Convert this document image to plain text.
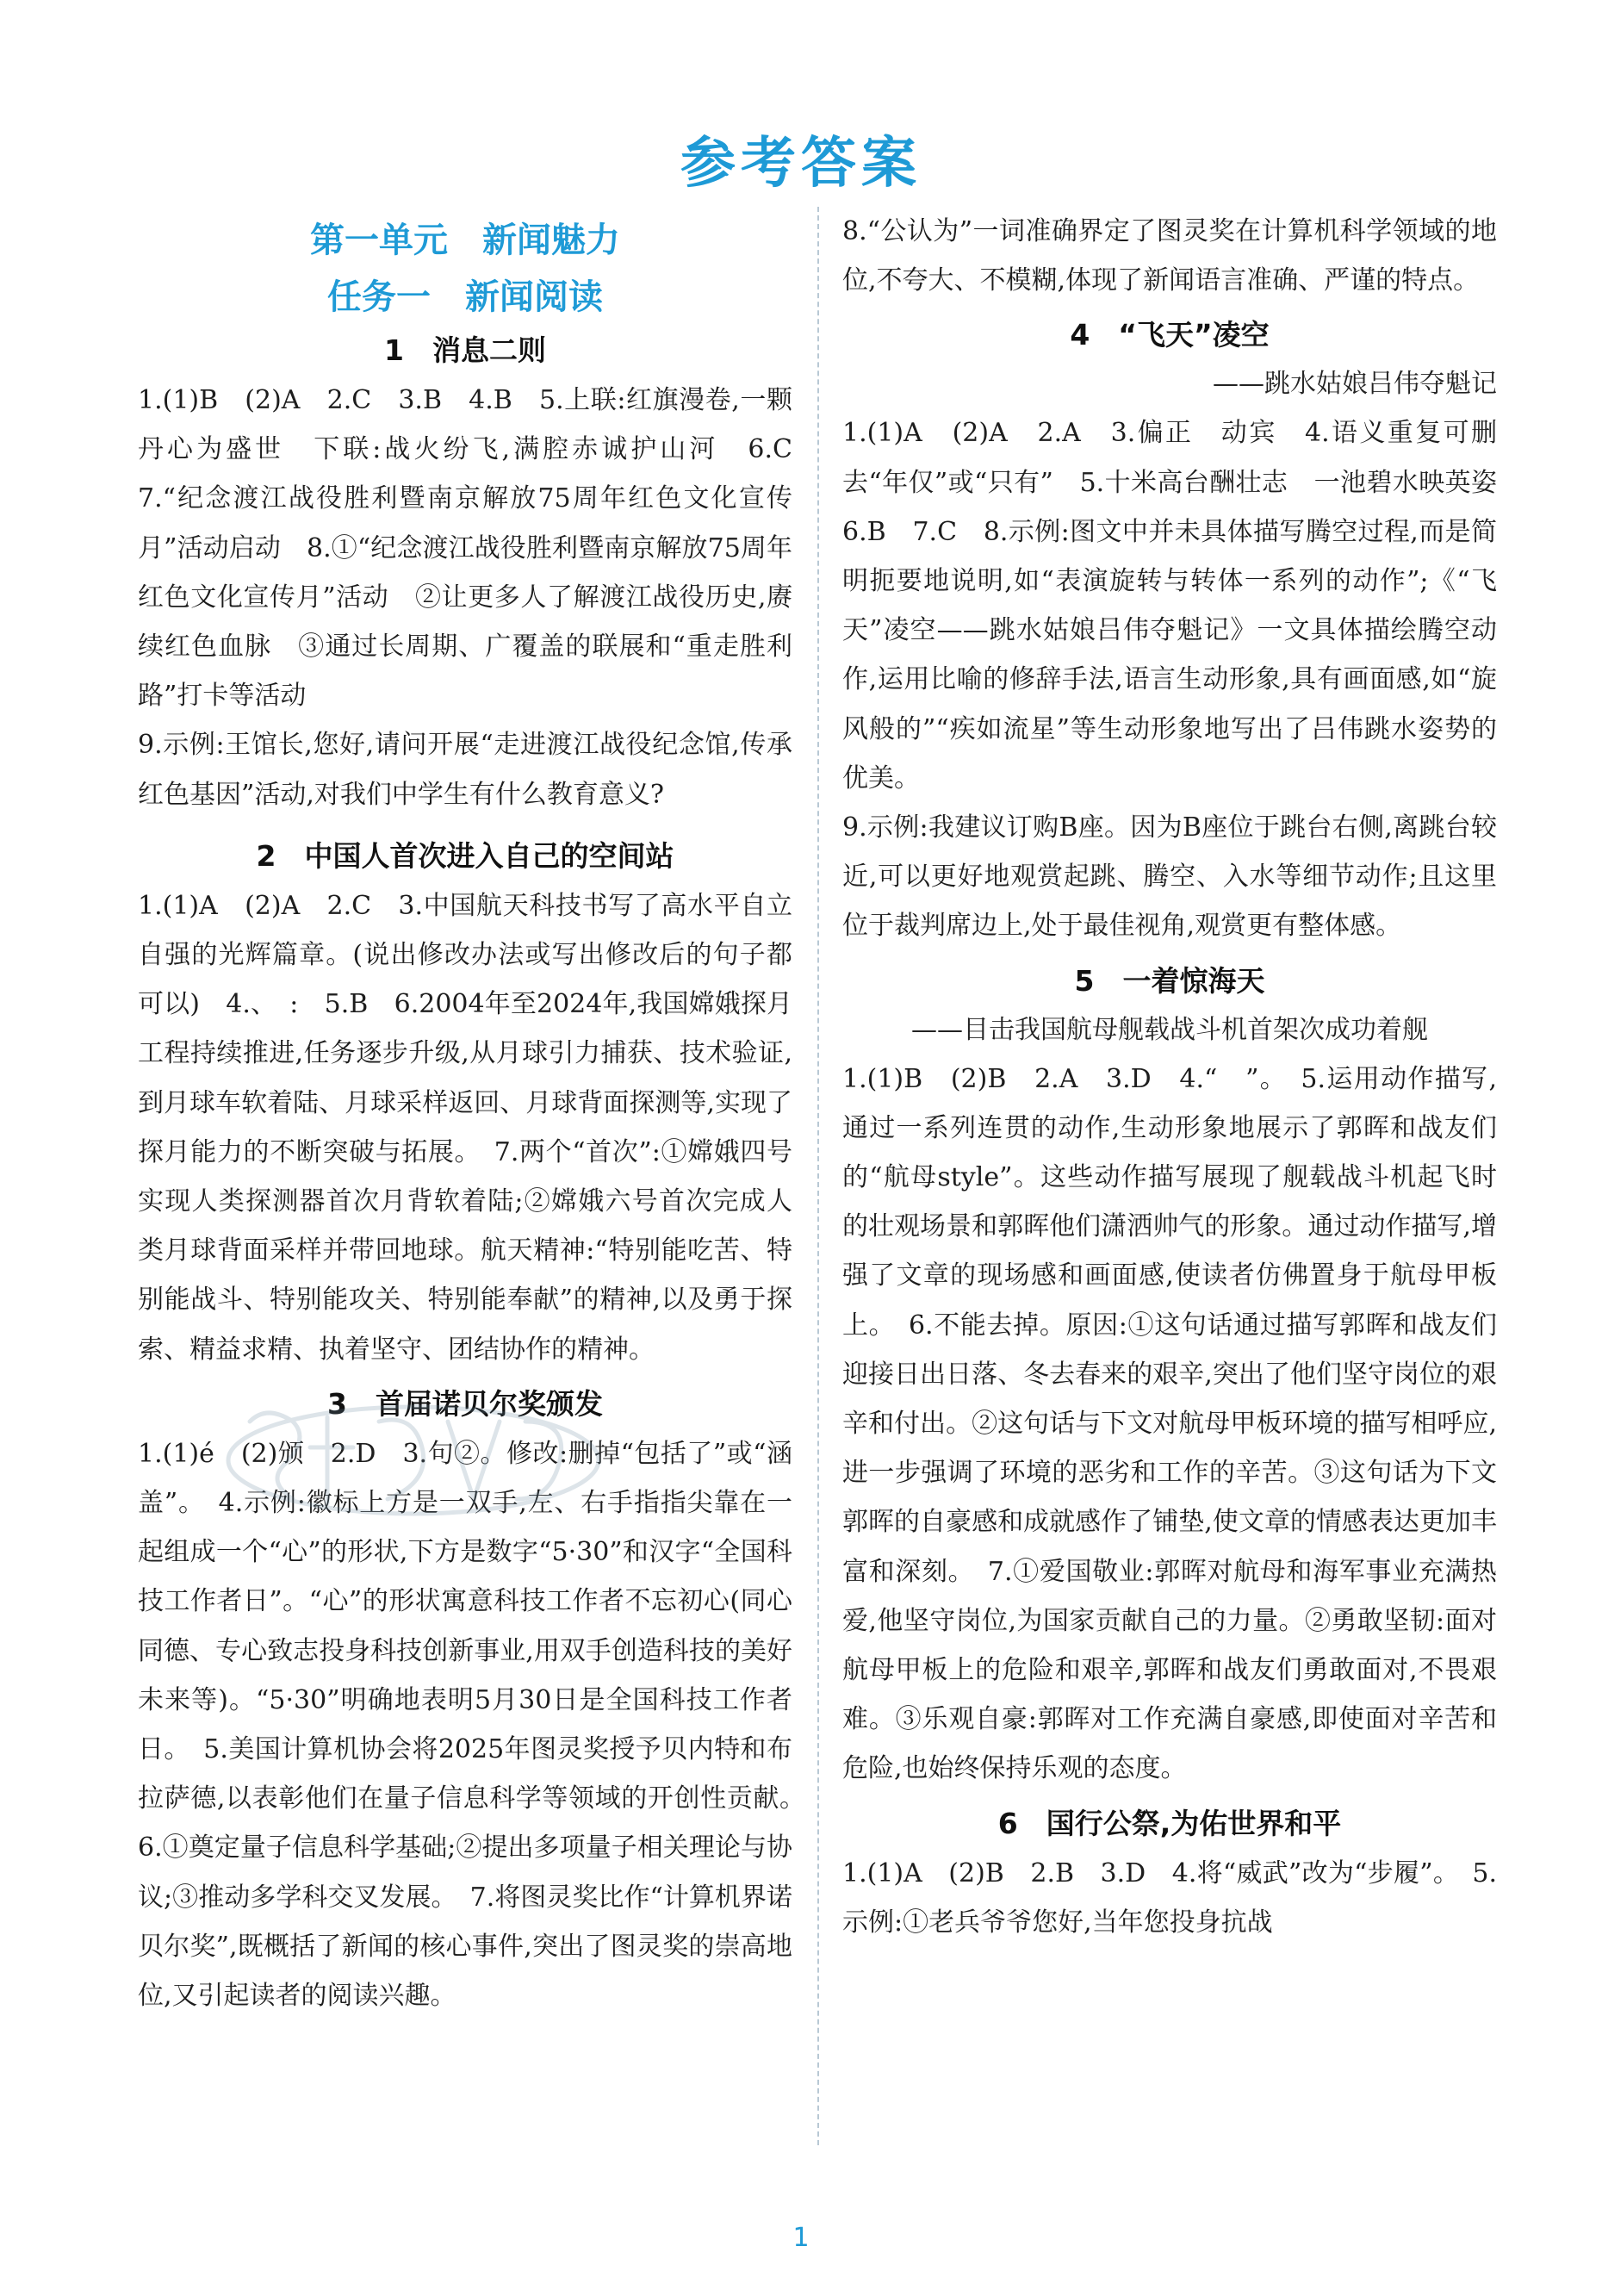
参考答案
第一单元　新闻魅力
任务一　新闻阅读
1　消息二则

1.(1)B　(2)A　2.C　3.B　4.B　5.上联:红旗漫卷,一颗丹心为盛世　下联:战火纷飞,满腔赤诚护山河　6.C　7.“纪念渡江战役胜利暨南京解放75周年红色文化宣传月”活动启动　8.①“纪念渡江战役胜利暨南京解放75周年红色文化宣传月”活动　②让更多人了解渡江战役历史,赓续红色血脉　③通过长周期、广覆盖的联展和“重走胜利路”打卡等活动

9.示例:王馆长,您好,请问开展“走进渡江战役纪念馆,传承红色基因”活动,对我们中学生有什么教育意义?

2　中国人首次进入自己的空间站

1.(1)A　(2)A　2.C　3.中国航天科技书写了高水平自立自强的光辉篇章。(说出修改办法或写出修改后的句子都可以)　4.、　:　5.B　6.2004年至2024年,我国嫦娥探月工程持续推进,任务逐步升级,从月球引力捕获、技术验证,到月球车软着陆、月球采样返回、月球背面探测等,实现了探月能力的不断突破与拓展。　7.两个“首次”:①嫦娥四号实现人类探测器首次月背软着陆;②嫦娥六号首次完成人类月球背面采样并带回地球。航天精神:“特别能吃苦、特别能战斗、特别能攻关、特别能奉献”的精神,以及勇于探索、精益求精、执着坚守、团结协作的精神。

3　首届诺贝尔奖颁发

1.(1)é　(2)颁　2.D　3.句②。修改:删掉“包括了”或“涵盖”。　4.示例:徽标上方是一双手,左、右手指指尖靠在一起组成一个“心”的形状,下方是数字“5·30”和汉字“全国科技工作者日”。“心”的形状寓意科技工作者不忘初心(同心同德、专心致志投身科技创新事业,用双手创造科技的美好未来等)。“5·30”明确地表明5月30日是全国科技工作者日。　5.美国计算机协会将2025年图灵奖授予贝内特和布拉萨德,以表彰他们在量子信息科学等领域的开创性贡献。　6.①奠定量子信息科学基础;②提出多项量子相关理论与协议;③推动多学科交叉发展。　7.将图灵奖比作“计算机界诺贝尔奖”,既概括了新闻的核心事件,突出了图灵奖的崇高地位,又引起读者的阅读兴趣。

8.“公认为”一词准确界定了图灵奖在计算机科学领域的地位,不夸大、不模糊,体现了新闻语言准确、严谨的特点。

4　“飞天”凌空
——跳水姑娘吕伟夺魁记

1.(1)A　(2)A　2.A　3.偏正　动宾　4.语义重复可删去“年仅”或“只有”　5.十米高台酬壮志　一池碧水映英姿　6.B　7.C　8.示例:图文中并未具体描写腾空过程,而是简明扼要地说明,如“表演旋转与转体一系列的动作”;《“飞天”凌空——跳水姑娘吕伟夺魁记》一文具体描绘腾空动作,运用比喻的修辞手法,语言生动形象,具有画面感,如“旋风般的”“疾如流星”等生动形象地写出了吕伟跳水姿势的优美。

9.示例:我建议订购B座。因为B座位于跳台右侧,离跳台较近,可以更好地观赏起跳、腾空、入水等细节动作;且这里位于裁判席边上,处于最佳视角,观赏更有整体感。

5　一着惊海天
——目击我国航母舰载战斗机首架次成功着舰

1.(1)B　(2)B　2.A　3.D　4.“　”。　5.运用动作描写,通过一系列连贯的动作,生动形象地展示了郭晖和战友们的“航母style”。这些动作描写展现了舰载战斗机起飞时的壮观场景和郭晖他们潇洒帅气的形象。通过动作描写,增强了文章的现场感和画面感,使读者仿佛置身于航母甲板上。　6.不能去掉。原因:①这句话通过描写郭晖和战友们迎接日出日落、冬去春来的艰辛,突出了他们坚守岗位的艰辛和付出。②这句话与下文对航母甲板环境的描写相呼应,进一步强调了环境的恶劣和工作的辛苦。③这句话为下文郭晖的自豪感和成就感作了铺垫,使文章的情感表达更加丰富和深刻。　7.①爱国敬业:郭晖对航母和海军事业充满热爱,他坚守岗位,为国家贡献自己的力量。②勇敢坚韧:面对航母甲板上的危险和艰辛,郭晖和战友们勇敢面对,不畏艰难。③乐观自豪:郭晖对工作充满自豪感,即使面对辛苦和危险,也始终保持乐观的态度。

6　国行公祭,为佑世界和平

1.(1)A　(2)B　2.B　3.D　4.将“威武”改为“步履”。　5.示例:①老兵爷爷您好,当年您投身抗战

1
